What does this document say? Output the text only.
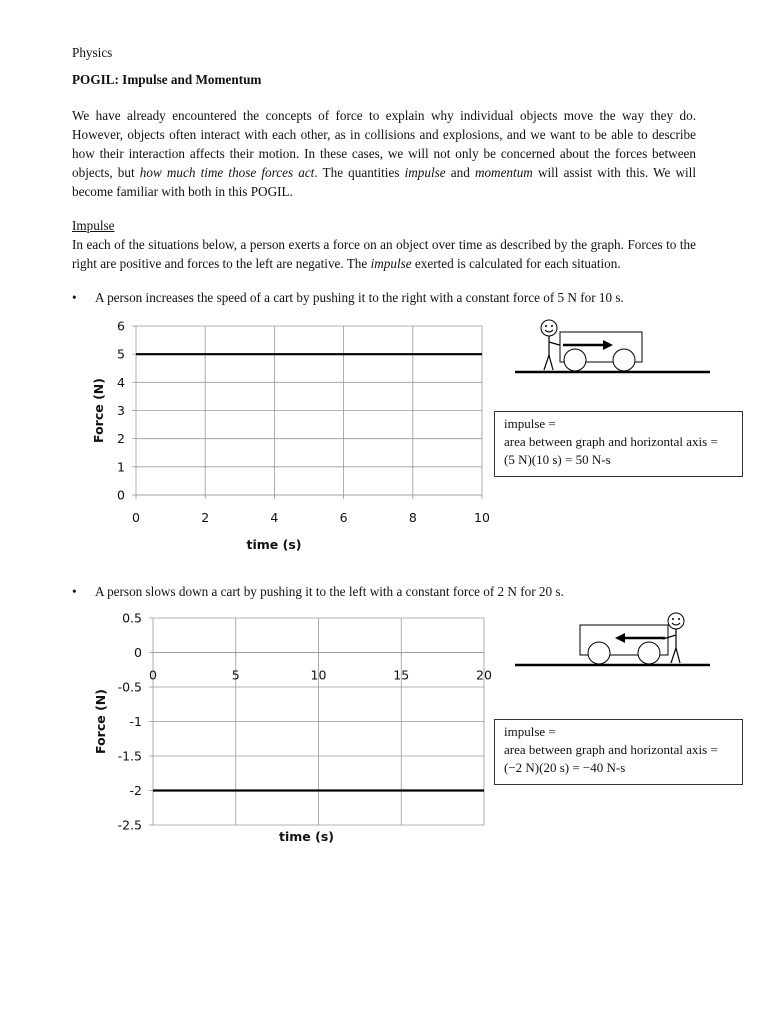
Physics
POGIL: Impulse and Momentum

We have already encountered the concepts of force to explain why individual objects move the way they do. However, objects often interact with each other, as in collisions and explosions, and we want to be able to describe how their interaction affects their motion. In these cases, we will not only be concerned about the forces between objects, but how much time those forces act. The quantities impulse and momentum will assist with this. We will become familiar with both in this POGIL.

Impulse

In each of the situations below, a person exerts a force on an object over time as described by the graph. Forces to the right are positive and forces to the left are negative. The impulse exerted is calculated for each situation.

• A person increases the speed of a cart by pushing it to the right with a constant force of 5 N for 10 s.
0
1
2
3
4
5
6
0	2	4	6	8	10
time (s)
Force (N)	impulse =
area between graph and horizontal axis =
(5 N)(10 s) = 50 N-s
• A person slows down a cart by pushing it to the left with a constant force of 2 N for 20 s.
0.5
0
-0.5
-1
-1.5
-2
-2.5
0	5	10	15	20
time (s)
Force (N)	impulse =
area between graph and horizontal axis =
(−2 N)(20 s) = −40 N-s
